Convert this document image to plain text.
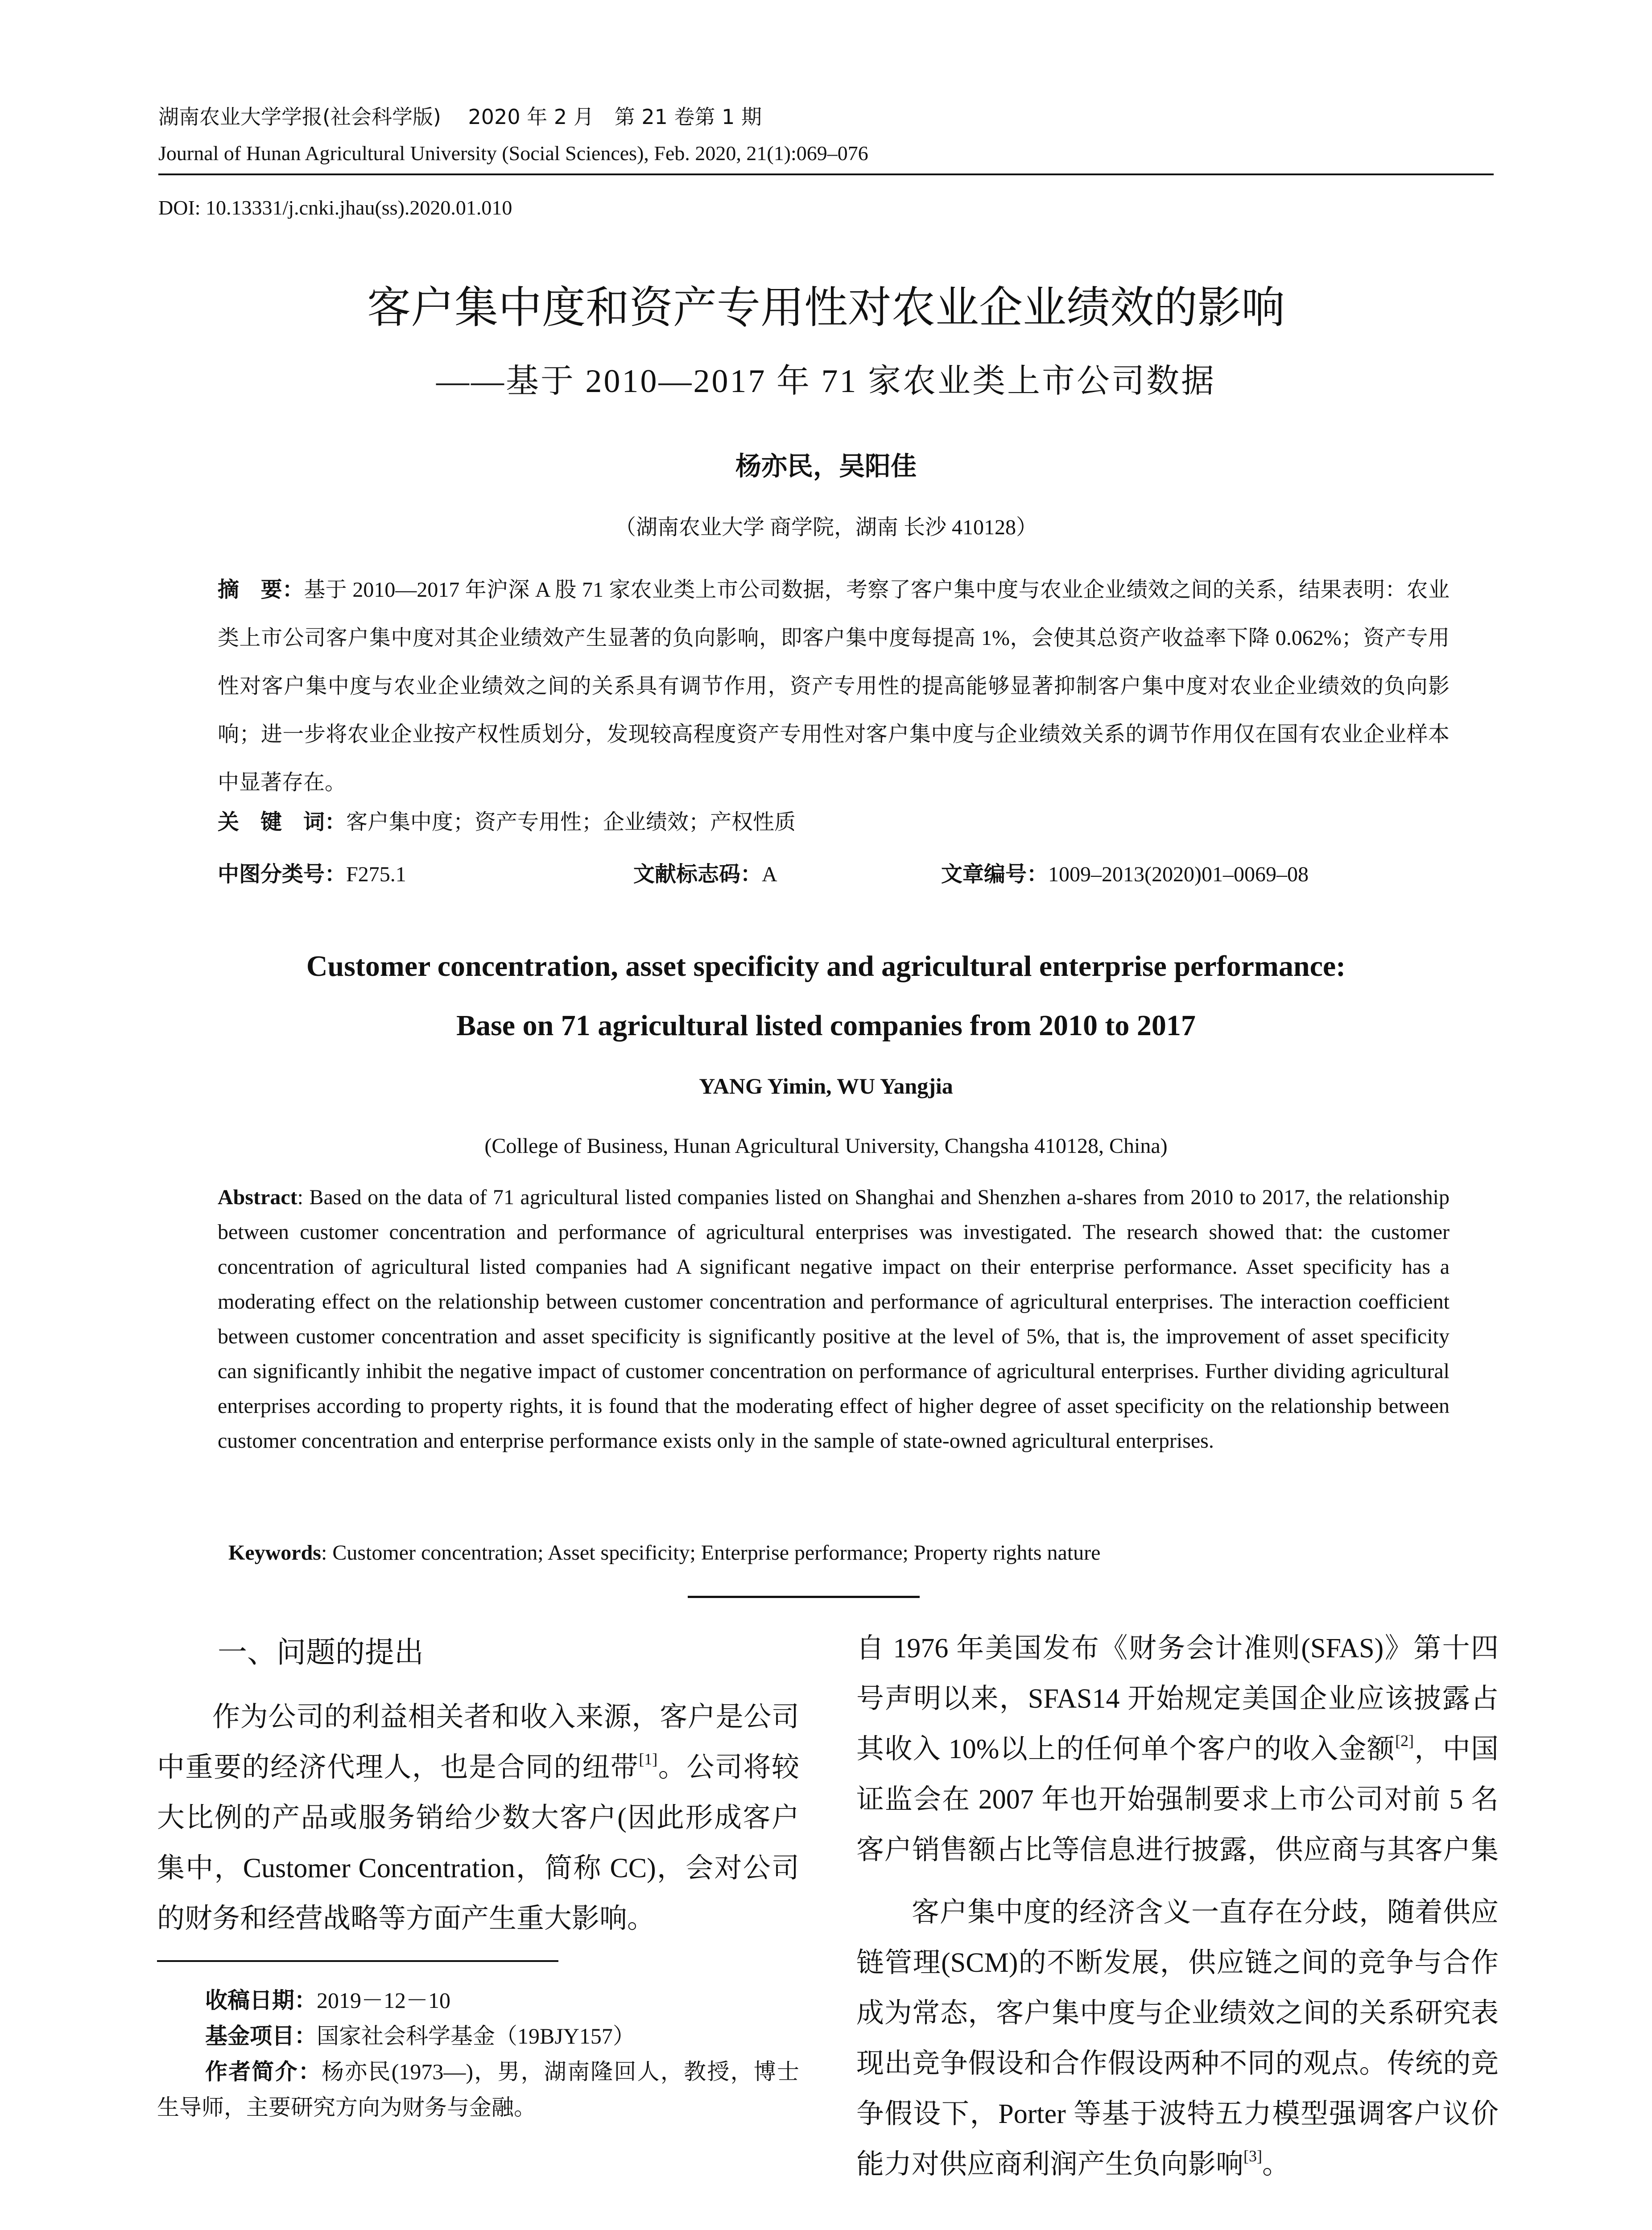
湖南农业大学学报(社会科学版)　 2020 年 2 月　第 21 卷第 1 期
Journal of Hunan Agricultural University (Social Sciences), Feb. 2020, 21(1):069–076
DOI: 10.13331/j.cnki.jhau(ss).2020.01.010
客户集中度和资产专用性对农业企业绩效的影响
——基于 2010—2017 年 71 家农业类上市公司数据
杨亦民，吴阳佳
（湖南农业大学 商学院，湖南 长沙 410128）
摘　要：基于 2010—2017 年沪深 A 股 71 家农业类上市公司数据，考察了客户集中度与农业企业绩效之间的关系，结果表明：农业类上市公司客户集中度对其企业绩效产生显著的负向影响，即客户集中度每提高 1%，会使其总资产收益率下降 0.062%；资产专用性对客户集中度与农业企业绩效之间的关系具有调节作用，资产专用性的提高能够显著抑制客户集中度对农业企业绩效的负向影响；进一步将农业企业按产权性质划分，发现较高程度资产专用性对客户集中度与企业绩效关系的调节作用仅在国有农业企业样本中显著存在。
关　键　词：客户集中度；资产专用性；企业绩效；产权性质
中图分类号：F275.1	文献标志码：A	文章编号：1009–2013(2020)01–0069–08
Customer concentration, asset specificity and agricultural enterprise performance:
Base on 71 agricultural listed companies from 2010 to 2017
YANG Yimin, WU Yangjia
(College of Business, Hunan Agricultural University, Changsha 410128, China)
Abstract: Based on the data of 71 agricultural listed companies listed on Shanghai and Shenzhen a-shares from 2010 to 2017, the relationship between customer concentration and performance of agricultural enterprises was investigated. The research showed that: the customer concentration of agricultural listed companies had A significant negative impact on their enterprise performance. Asset specificity has a moderating effect on the relationship between customer concentration and performance of agricultural enterprises. The interaction coefficient between customer concentration and asset specificity is significantly positive at the level of 5%, that is, the improvement of asset specificity can significantly inhibit the negative impact of customer concentration on performance of agricultural enterprises. Further dividing agricultural enterprises according to property rights, it is found that the moderating effect of higher degree of asset specificity on the relationship between customer concentration and enterprise performance exists only in the sample of state-owned agricultural enterprises.
Keywords: Customer concentration; Asset specificity; Enterprise performance; Property rights nature
一、问题的提出
作为公司的利益相关者和收入来源，客户是公司中重要的经济代理人，也是合同的纽带[1]。公司将较大比例的产品或服务销给少数大客户(因此形成客户集中，Customer Concentration，简称 CC)，会对公司的财务和经营战略等方面产生重大影响。
收稿日期：2019－12－10
基金项目：国家社会科学基金（19BJY157）
作者简介：杨亦民(1973—)，男，湖南隆回人，教授，博士生导师，主要研究方向为财务与金融。
自 1976 年美国发布《财务会计准则(SFAS)》第十四号声明以来，SFAS14 开始规定美国企业应该披露占其收入 10%以上的任何单个客户的收入金额[2]，中国证监会在 2007 年也开始强制要求上市公司对前 5 名客户销售额占比等信息进行披露，供应商与其客户集
客户集中度的经济含义一直存在分歧，随着供应链管理(SCM)的不断发展，供应链之间的竞争与合作成为常态，客户集中度与企业绩效之间的关系研究表现出竞争假设和合作假设两种不同的观点。传统的竞争假设下，Porter 等基于波特五力模型强调客户议价能力对供应商利润产生负向影响[3]。
